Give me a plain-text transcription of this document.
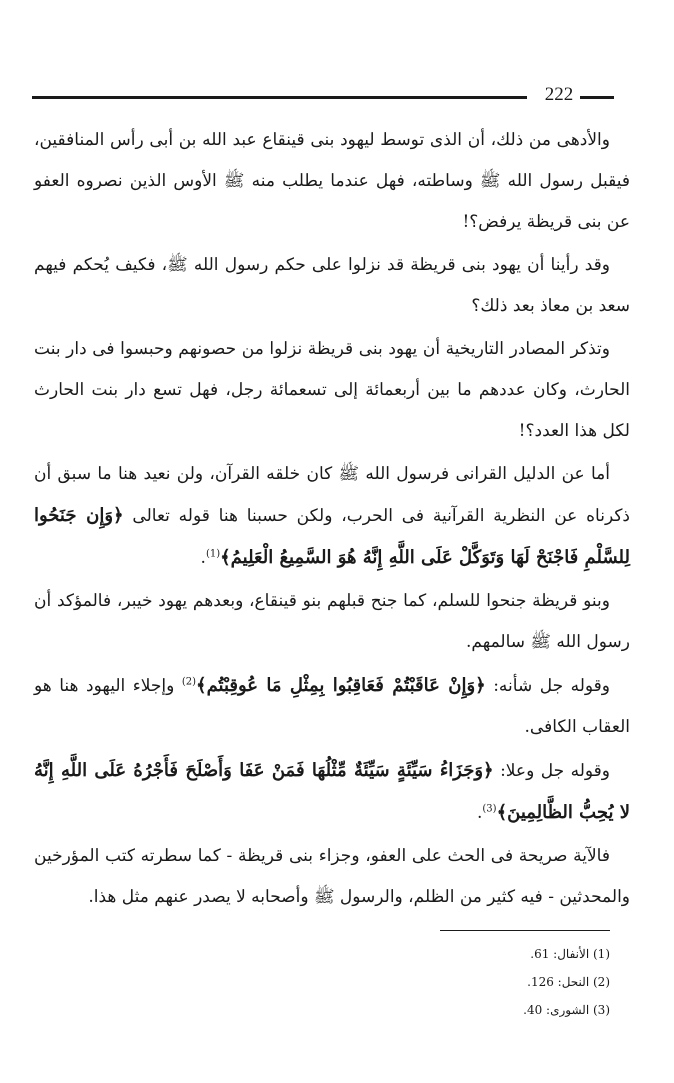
222

والأدهى من ذلك، أن الذى توسط ليهود بنى قينقاع عبد الله بن أبى رأس المنافقين، فيقبل رسول الله ﷺ وساطته، فهل عندما يطلب منه ﷺ الأوس الذين نصروه العفو عن بنى قريظة يرفض؟!

وقد رأينا أن يهود بنى قريظة قد نزلوا على حكم رسول الله ﷺ، فكيف يُحكم فيهم سعد بن معاذ بعد ذلك؟

وتذكر المصادر التاريخية أن يهود بنى قريظة نزلوا من حصونهم وحبسوا فى دار بنت الحارث، وكان عددهم ما بين أربعمائة إلى تسعمائة رجل، فهل تسع دار بنت الحارث لكل هذا العدد؟!

أما عن الدليل القرانى فرسول الله ﷺ كان خلقه القرآن، ولن نعيد هنا ما سبق أن ذكرناه عن النظرية القرآنية فى الحرب، ولكن حسبنا هنا قوله تعالى ﴿وَإِن جَنَحُوا لِلسَّلْمِ فَاجْنَحْ لَهَا وَتَوَكَّلْ عَلَى اللَّهِ إِنَّهُ هُوَ السَّمِيعُ الْعَلِيمُ﴾$^{(1)}$.

وبنو قريظة جنحوا للسلم، كما جنح قبلهم بنو قينقاع، وبعدهم يهود خيبر، فالمؤكد أن رسول الله ﷺ سالمهم.

وقوله جل شأنه: ﴿وَإِنْ عَاقَبْتُمْ فَعَاقِبُوا بِمِثْلِ مَا عُوقِبْتُم﴾$^{(2)}$ وإجلاء اليهود هنا هو العقاب الكافى.

وقوله جل وعلا: ﴿وَجَزَاءُ سَيِّئَةٍ سَيِّئَةٌ مِّثْلُهَا فَمَنْ عَفَا وَأَصْلَحَ فَأَجْرُهُ عَلَى اللَّهِ إِنَّهُ لا يُحِبُّ الظَّالِمِينَ﴾$^{(3)}$.

فالآية صريحة فى الحث على العفو، وجزاء بنى قريظة - كما سطرته كتب المؤرخين والمحدثين - فيه كثير من الظلم، والرسول ﷺ وأصحابه لا يصدر عنهم مثل هذا.

(1) الأنفال: 61.
(2) النحل: 126.
(3) الشورى: 40.
